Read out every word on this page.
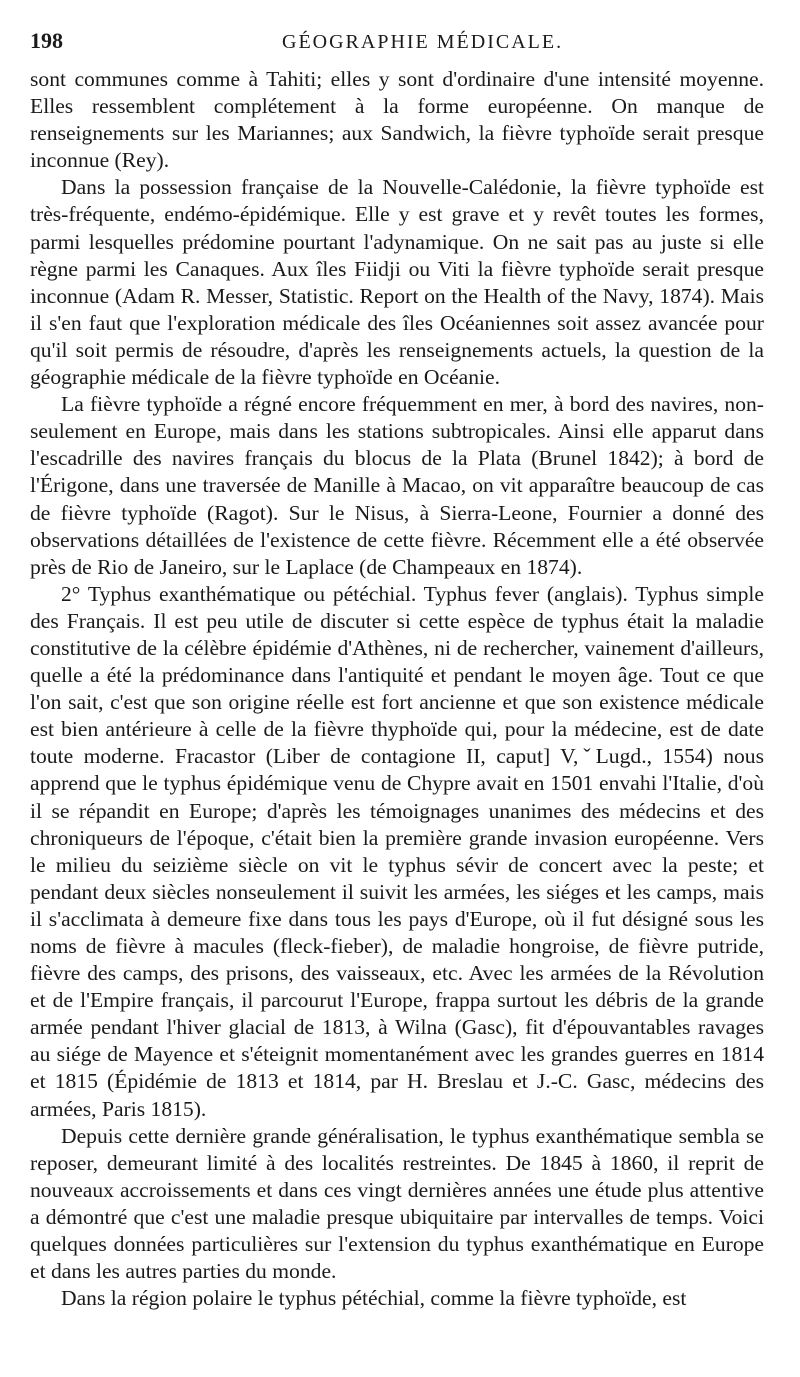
198	GÉOGRAPHIE MÉDICALE.

sont communes comme à Tahiti; elles y sont d'ordinaire d'une intensité moyenne. Elles ressemblent complétement à la forme européenne. On manque de renseignements sur les Mariannes; aux Sandwich, la fièvre typhoïde serait presque inconnue (Rey).

Dans la possession française de la Nouvelle-Calédonie, la fièvre typhoïde est très-fréquente, endémo-épidémique. Elle y est grave et y revêt toutes les formes, parmi lesquelles prédomine pourtant l'adynamique. On ne sait pas au juste si elle règne parmi les Canaques. Aux îles Fiidji ou Viti la fièvre typhoïde serait presque inconnue (Adam R. Messer, Statistic. Report on the Health of the Navy, 1874). Mais il s'en faut que l'exploration médicale des îles Océaniennes soit assez avancée pour qu'il soit permis de résoudre, d'après les renseignements actuels, la question de la géographie médicale de la fièvre typhoïde en Océanie.

La fièvre typhoïde a régné encore fréquemment en mer, à bord des navires, non-seulement en Europe, mais dans les stations subtropicales. Ainsi elle apparut dans l'escadrille des navires français du blocus de la Plata (Brunel 1842); à bord de l'Érigone, dans une traversée de Manille à Macao, on vit apparaître beaucoup de cas de fièvre typhoïde (Ragot). Sur le Nisus, à Sierra-Leone, Fournier a donné des observations détaillées de l'existence de cette fièvre. Récemment elle a été observée près de Rio de Janeiro, sur le Laplace (de Champeaux en 1874).

2° Typhus exanthématique ou pétéchial. Typhus fever (anglais). Typhus simple des Français. Il est peu utile de discuter si cette espèce de typhus était la maladie constitutive de la célèbre épidémie d'Athènes, ni de rechercher, vainement d'ailleurs, quelle a été la prédominance dans l'antiquité et pendant le moyen âge. Tout ce que l'on sait, c'est que son origine réelle est fort ancienne et que son existence médicale est bien antérieure à celle de la fièvre thyphoïde qui, pour la médecine, est de date toute moderne. Fracastor (Liber de contagione II, caput] V,ˇLugd., 1554) nous apprend que le typhus épidémique venu de Chypre avait en 1501 envahi l'Italie, d'où il se répandit en Europe; d'après les témoignages unanimes des médecins et des chroniqueurs de l'époque, c'était bien la première grande invasion européenne. Vers le milieu du seizième siècle on vit le typhus sévir de concert avec la peste; et pendant deux siècles nonseulement il suivit les armées, les siéges et les camps, mais il s'acclimata à demeure fixe dans tous les pays d'Europe, où il fut désigné sous les noms de fièvre à macules (fleck-fieber), de maladie hongroise, de fièvre putride, fièvre des camps, des prisons, des vaisseaux, etc. Avec les armées de la Révolution et de l'Empire français, il parcourut l'Europe, frappa surtout les débris de la grande armée pendant l'hiver glacial de 1813, à Wilna (Gasc), fit d'épouvantables ravages au siége de Mayence et s'éteignit momentanément avec les grandes guerres en 1814 et 1815 (Épidémie de 1813 et 1814, par H. Breslau et J.-C. Gasc, médecins des armées, Paris 1815).

Depuis cette dernière grande généralisation, le typhus exanthématique sembla se reposer, demeurant limité à des localités restreintes. De 1845 à 1860, il reprit de nouveaux accroissements et dans ces vingt dernières années une étude plus attentive a démontré que c'est une maladie presque ubiquitaire par intervalles de temps. Voici quelques données particulières sur l'extension du typhus exanthématique en Europe et dans les autres parties du monde.

Dans la région polaire le typhus pétéchial, comme la fièvre typhoïde, est
